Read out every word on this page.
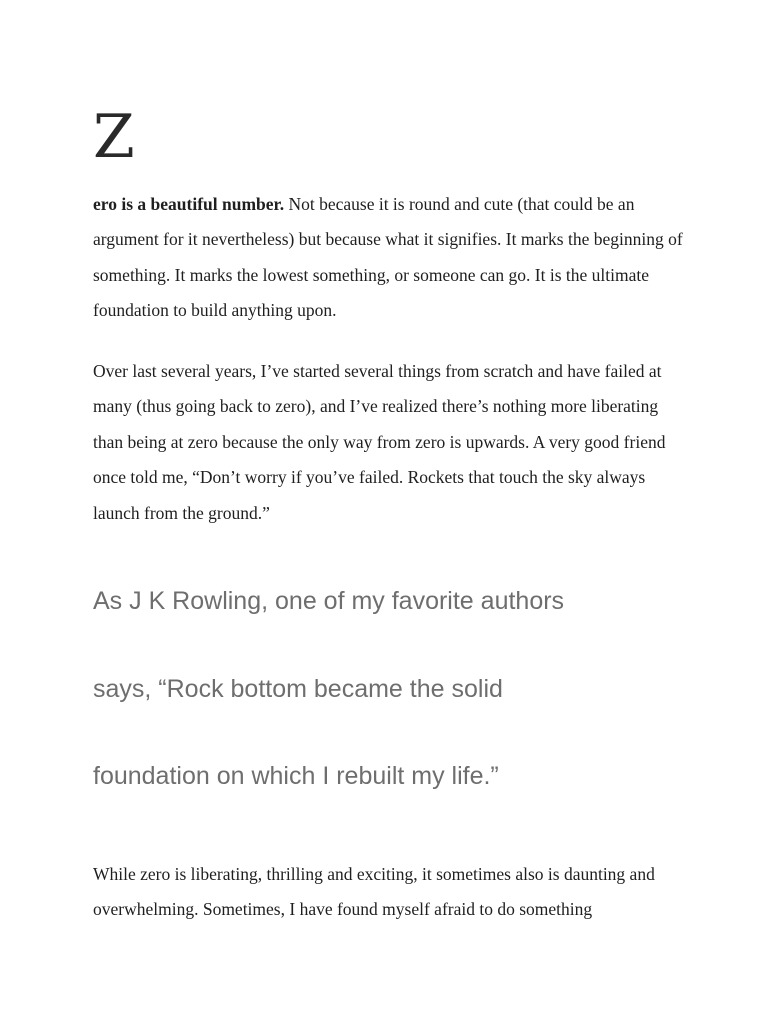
Z

ero is a beautiful number. Not because it is round and cute (that could be an argument for it nevertheless) but because what it signifies. It marks the beginning of something. It marks the lowest something, or someone can go. It is the ultimate foundation to build anything upon.

Over last several years, I’ve started several things from scratch and have failed at many (thus going back to zero), and I’ve realized there’s nothing more liberating than being at zero because the only way from zero is upwards. A very good friend once told me, “Don’t worry if you’ve failed. Rockets that touch the sky always launch from the ground.”

As J K Rowling, one of my favorite authors
says, “Rock bottom became the solid
foundation on which I rebuilt my life.”

While zero is liberating, thrilling and exciting, it sometimes also is daunting and overwhelming. Sometimes, I have found myself afraid to do something
